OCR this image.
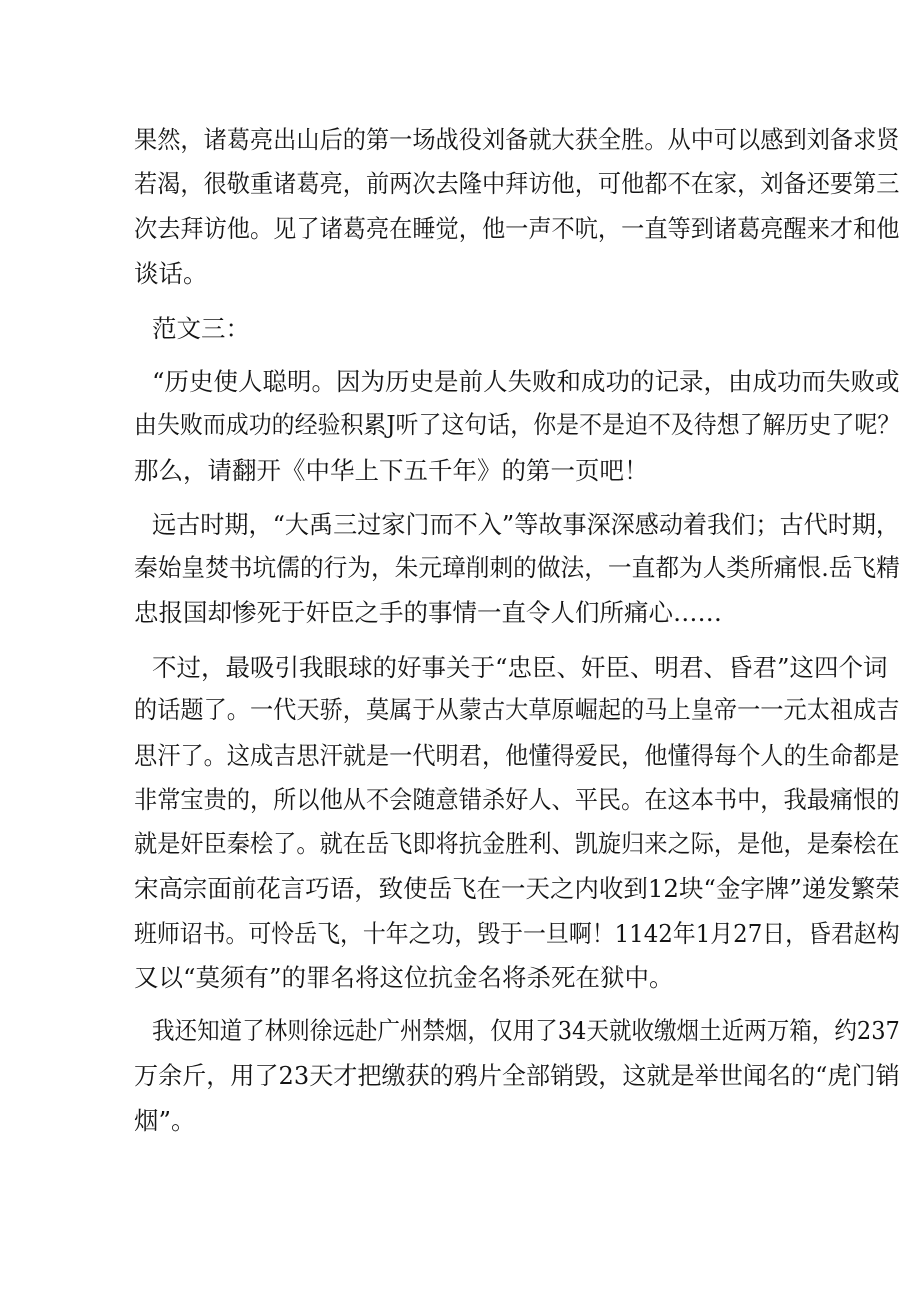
果然，诸葛亮出山后的第一场战役刘备就大获全胜。从中可以感到刘备求贤
若渴，很敬重诸葛亮，前两次去隆中拜访他，可他都不在家，刘备还要第三
次去拜访他。见了诸葛亮在睡觉，他一声不吭，一直等到诸葛亮醒来才和他
谈话。
范文三：
“历史使人聪明。因为历史是前人失败和成功的记录，由成功而失败或
由失败而成功的经验积累J听了这句话，你是不是迫不及待想了解历史了呢？
那么，请翻开《中华上下五千年》的第一页吧！
远古时期，“大禹三过家门而不入”等故事深深感动着我们；古代时期，
秦始皇焚书坑儒的行为，朱元璋削刺的做法，一直都为人类所痛恨.岳飞精
忠报国却惨死于奸臣之手的事情一直令人们所痛心……
不过，最吸引我眼球的好事关于“忠臣、奸臣、明君、昏君”这四个词
的话题了。一代天骄，莫属于从蒙古大草原崛起的马上皇帝一一元太祖成吉
思汗了。这成吉思汗就是一代明君，他懂得爱民，他懂得每个人的生命都是
非常宝贵的，所以他从不会随意错杀好人、平民。在这本书中，我最痛恨的
就是奸臣秦桧了。就在岳飞即将抗金胜利、凯旋归来之际，是他，是秦桧在
宋高宗面前花言巧语，致使岳飞在一天之内收到12块“金字牌”递发繁荣
班师诏书。可怜岳飞，十年之功，毁于一旦啊！1142年1月27日，昏君赵构
又以“莫须有”的罪名将这位抗金名将杀死在狱中。
我还知道了林则徐远赴广州禁烟，仅用了34天就收缴烟土近两万箱，约237
万余斤，用了23天才把缴获的鸦片全部销毁，这就是举世闻名的“虎门销
烟”。
